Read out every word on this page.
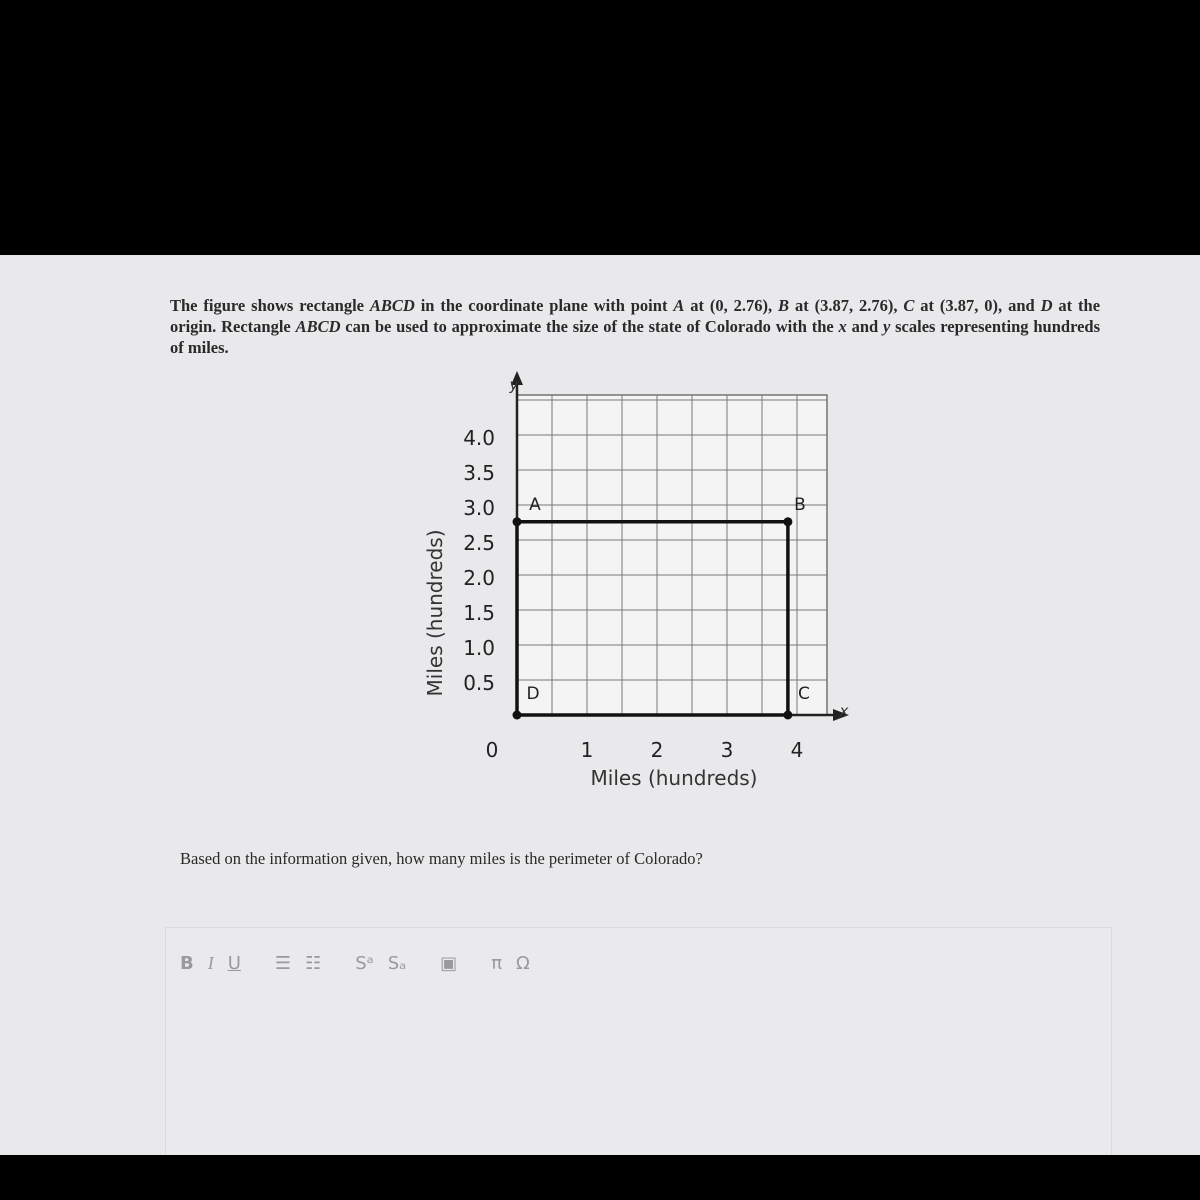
The figure shows rectangle ABCD in the coordinate plane with point A at (0, 2.76), B at (3.87, 2.76), C at (3.87, 0), and D at the origin. Rectangle ABCD can be used to approximate the size of the state of Colorado with the x and y scales representing hundreds of miles.
A	B
C
D
0.5
1.0
1.5
2.0
2.5
3.0
3.5
4.0
0	1	2	3	4
Miles (hundreds)
Miles (hundreds)
y
x
Based on the information given, how many miles is the perimeter of Colorado?
B I U ☰ ☷ Sᵃ Sₐ ▣ π Ω
